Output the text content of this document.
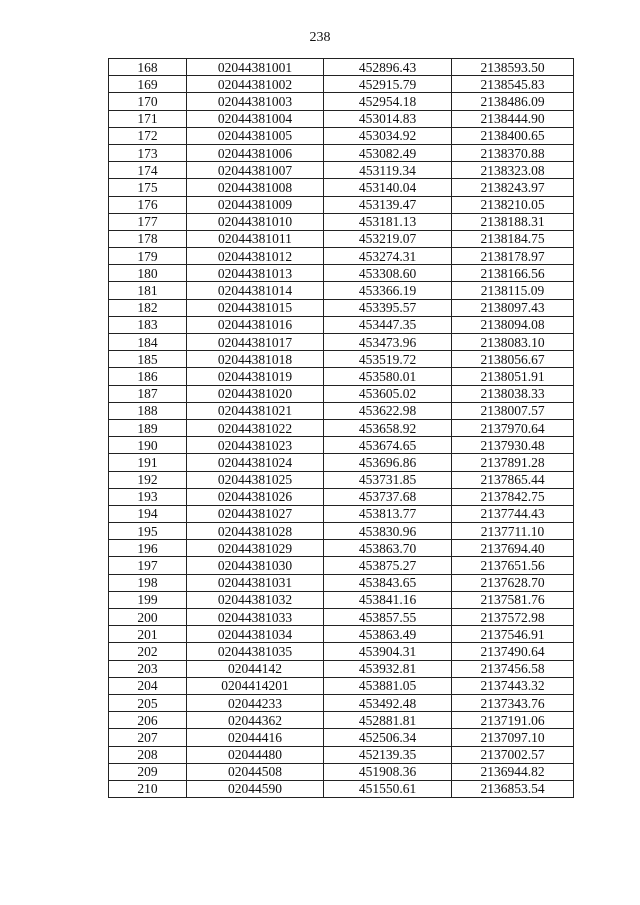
238
168	02044381001	452896.43	2138593.50
169	02044381002	452915.79	2138545.83
170	02044381003	452954.18	2138486.09
171	02044381004	453014.83	2138444.90
172	02044381005	453034.92	2138400.65
173	02044381006	453082.49	2138370.88
174	02044381007	453119.34	2138323.08
175	02044381008	453140.04	2138243.97
176	02044381009	453139.47	2138210.05
177	02044381010	453181.13	2138188.31
178	02044381011	453219.07	2138184.75
179	02044381012	453274.31	2138178.97
180	02044381013	453308.60	2138166.56
181	02044381014	453366.19	2138115.09
182	02044381015	453395.57	2138097.43
183	02044381016	453447.35	2138094.08
184	02044381017	453473.96	2138083.10
185	02044381018	453519.72	2138056.67
186	02044381019	453580.01	2138051.91
187	02044381020	453605.02	2138038.33
188	02044381021	453622.98	2138007.57
189	02044381022	453658.92	2137970.64
190	02044381023	453674.65	2137930.48
191	02044381024	453696.86	2137891.28
192	02044381025	453731.85	2137865.44
193	02044381026	453737.68	2137842.75
194	02044381027	453813.77	2137744.43
195	02044381028	453830.96	2137711.10
196	02044381029	453863.70	2137694.40
197	02044381030	453875.27	2137651.56
198	02044381031	453843.65	2137628.70
199	02044381032	453841.16	2137581.76
200	02044381033	453857.55	2137572.98
201	02044381034	453863.49	2137546.91
202	02044381035	453904.31	2137490.64
203	02044142	453932.81	2137456.58
204	0204414201	453881.05	2137443.32
205	02044233	453492.48	2137343.76
206	02044362	452881.81	2137191.06
207	02044416	452506.34	2137097.10
208	02044480	452139.35	2137002.57
209	02044508	451908.36	2136944.82
210	02044590	451550.61	2136853.54
